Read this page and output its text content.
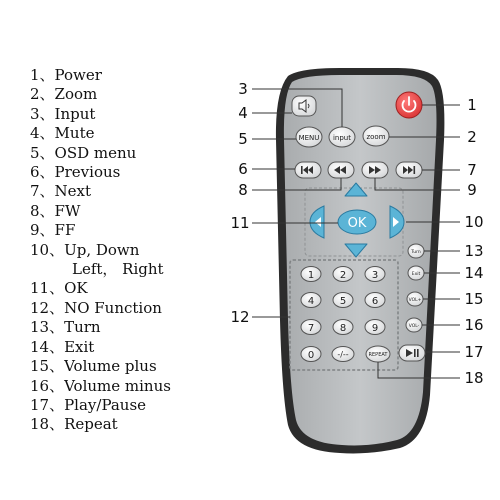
1、Power
2、Zoom
3、Input
4、Mute
5、OSD menu
6、Previous
7、Next
8、FW
9、FF
10、Up, Down
Left， Right
11、OK
12、NO Function
13、Turn
14、Exit
15、Volume plus
16、Volume minus
17、Play/Pause
18、Repeat
MENU input zoom
OK
1	2	3
4	5	6
7	8	9
0	-/--
Turn
Exit
VOL+
VOL-
REPEAT
1
2
3
4
5
6	7
8	9
10
11
12
13
14
15
16
17
18
